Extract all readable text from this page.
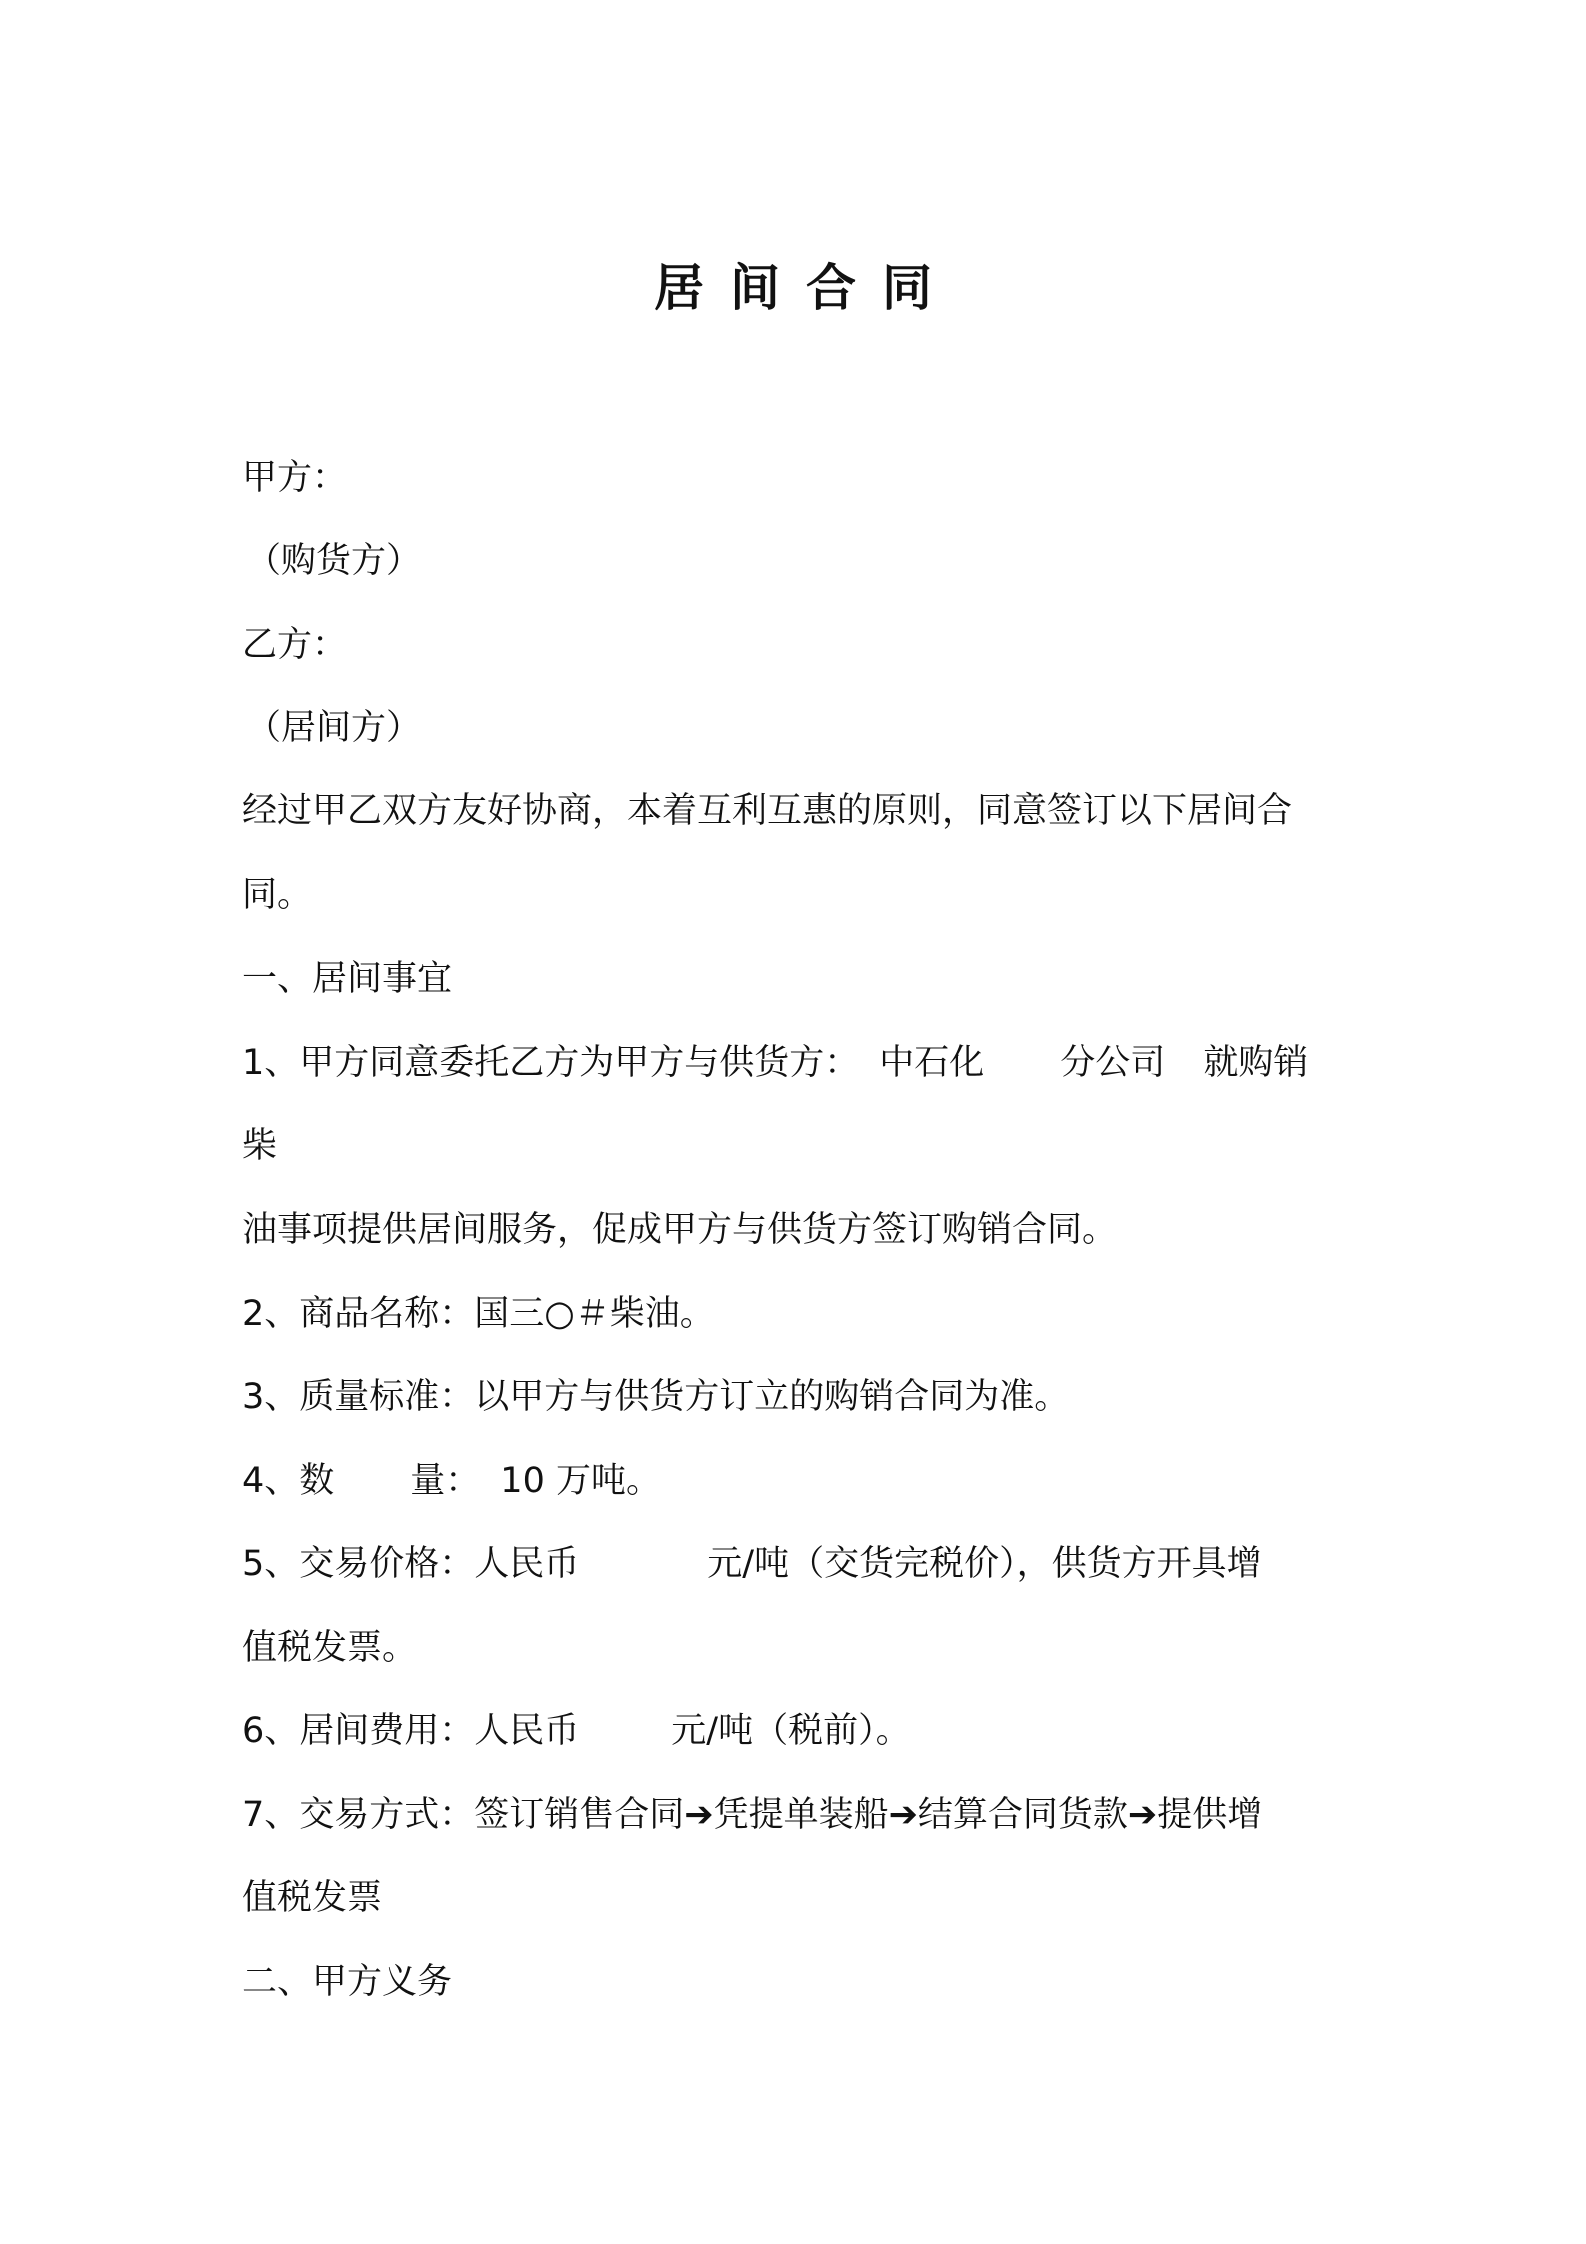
居间合同
甲方：
（购货方）
乙方：
（居间方）
经过甲乙双方友好协商，本着互利互惠的原则，同意签订以下居间合
同。
一、居间事宜
1、甲方同意委托乙方为甲方与供货方： 中石化 分公司 就购销
柴
油事项提供居间服务，促成甲方与供货方签订购销合同。
2、商品名称：国三○＃柴油。
3、质量标准：以甲方与供货方订立的购销合同为准。
4、数 量： 10 万吨。
5、交易价格：人民币	元/吨（交货完税价），供货方开具增
值税发票。
6、居间费用：人民币	元/吨（税前）。
7、交易方式：签订销售合同➔凭提单装船➔结算合同货款➔提供增
值税发票
二、甲方义务
